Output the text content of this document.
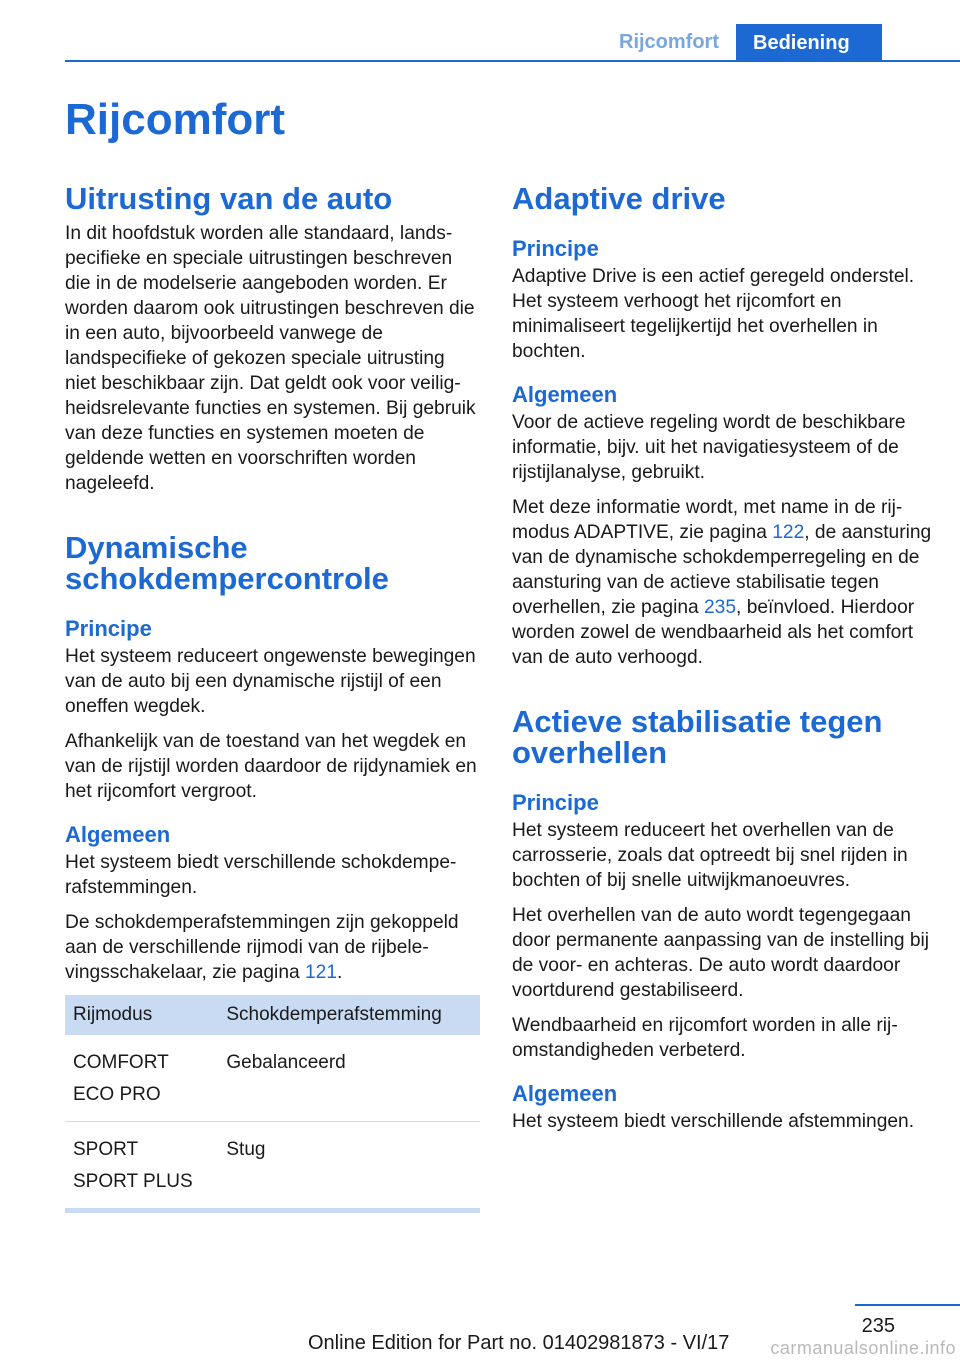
Rijcomfort	Bediening
Rijcomfort
Uitrusting van de auto

In dit hoofdstuk worden alle standaard, landspecifieke en speciale uitrustingen beschreven die in de modelserie aangeboden worden. Er worden daarom ook uitrustingen beschreven die in een auto, bijvoorbeeld vanwege de landspecifieke of gekozen speciale uitrusting niet beschikbaar zijn. Dat geldt ook voor veiligheidsrelevante functies en systemen. Bij gebruik van deze functies en systemen moeten de geldende wetten en voorschriften worden nageleefd.

Dynamische schokdempercontrole
Principe

Het systeem reduceert ongewenste bewegingen van de auto bij een dynamische rijstijl of een oneffen wegdek.

Afhankelijk van de toestand van het wegdek en van de rijstijl worden daardoor de rijdynamiek en het rijcomfort vergroot.

Algemeen

Het systeem biedt verschillende schokdemperafstemmingen.

De schokdemperafstemmingen zijn gekoppeld aan de verschillende rijmodi van de rijbelevingsschakelaar, zie pagina 121.

Rijmodus	Schokdemperafstemming

COMFORT
ECO PRO	Gebalanceerd

SPORT
SPORT PLUS	Stug
Adaptive drive
Principe

Adaptive Drive is een actief geregeld onderstel. Het systeem verhoogt het rijcomfort en minimaliseert tegelijkertijd het overhellen in bochten.

Algemeen

Voor de actieve regeling wordt de beschikbare informatie, bijv. uit het navigatiesysteem of de rijstijlanalyse, gebruikt.

Met deze informatie wordt, met name in de rijmodus ADAPTIVE, zie pagina 122, de aansturing van de dynamische schokdemperregeling en de aansturing van de actieve stabilisatie tegen overhellen, zie pagina 235, beïnvloed. Hierdoor worden zowel de wendbaarheid als het comfort van de auto verhoogd.

Actieve stabilisatie tegen overhellen
Principe

Het systeem reduceert het overhellen van de carrosserie, zoals dat optreedt bij snel rijden in bochten of bij snelle uitwijkmanoeuvres.

Het overhellen van de auto wordt tegengegaan door permanente aanpassing van de instelling bij de voor- en achteras. De auto wordt daardoor voortdurend gestabiliseerd.

Wendbaarheid en rijcomfort worden in alle rijomstandigheden verbeterd.

Algemeen

Het systeem biedt verschillende afstemmingen.

235
Online Edition for Part no. 01402981873 - VI/17 carmanualsonline.info
